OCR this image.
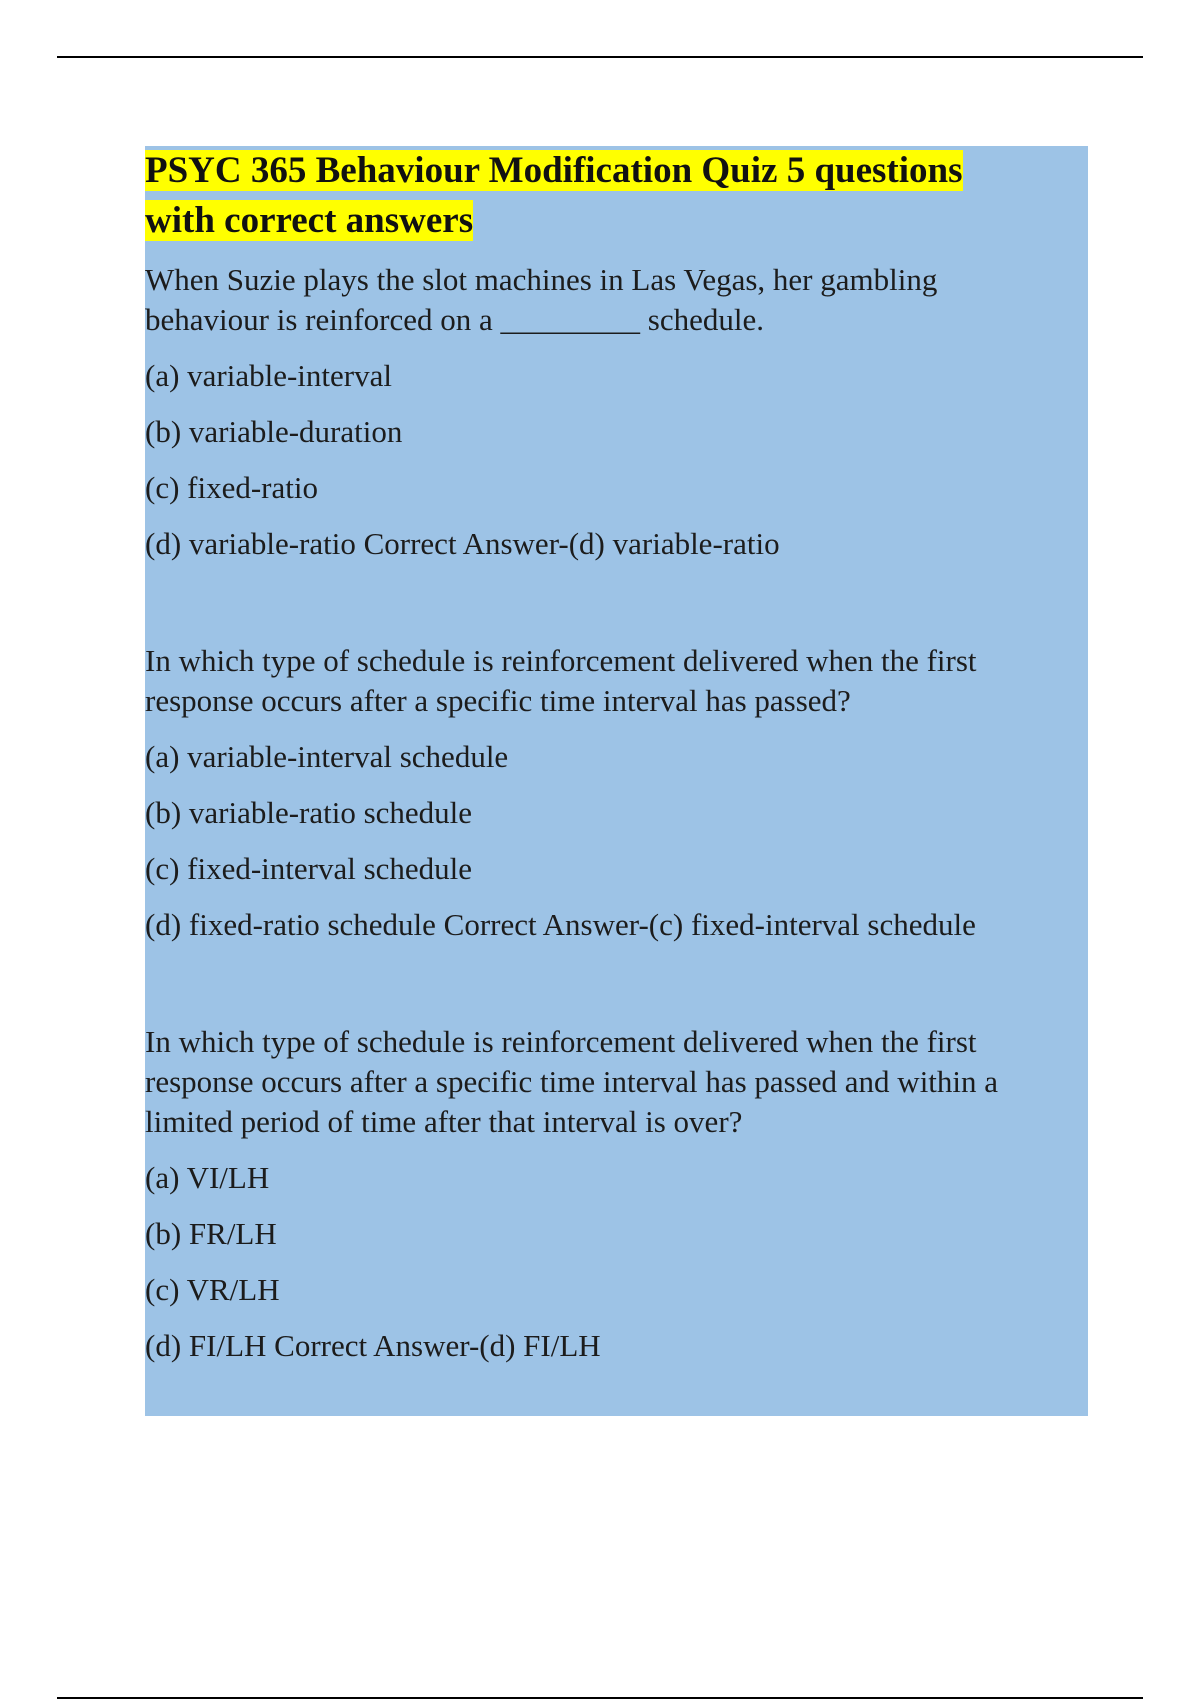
PSYC 365 Behaviour Modification Quiz 5 questions
with correct answers

When Suzie plays the slot machines in Las Vegas, her gambling behaviour is reinforced on a _________ schedule.

(a) variable-interval

(b) variable-duration

(c) fixed-ratio

(d) variable-ratio Correct Answer-(d) variable-ratio

In which type of schedule is reinforcement delivered when the first response occurs after a specific time interval has passed?

(a) variable-interval schedule

(b) variable-ratio schedule

(c) fixed-interval schedule

(d) fixed-ratio schedule Correct Answer-(c) fixed-interval schedule

In which type of schedule is reinforcement delivered when the first response occurs after a specific time interval has passed and within a limited period of time after that interval is over?

(a) VI/LH

(b) FR/LH

(c) VR/LH

(d) FI/LH Correct Answer-(d) FI/LH
